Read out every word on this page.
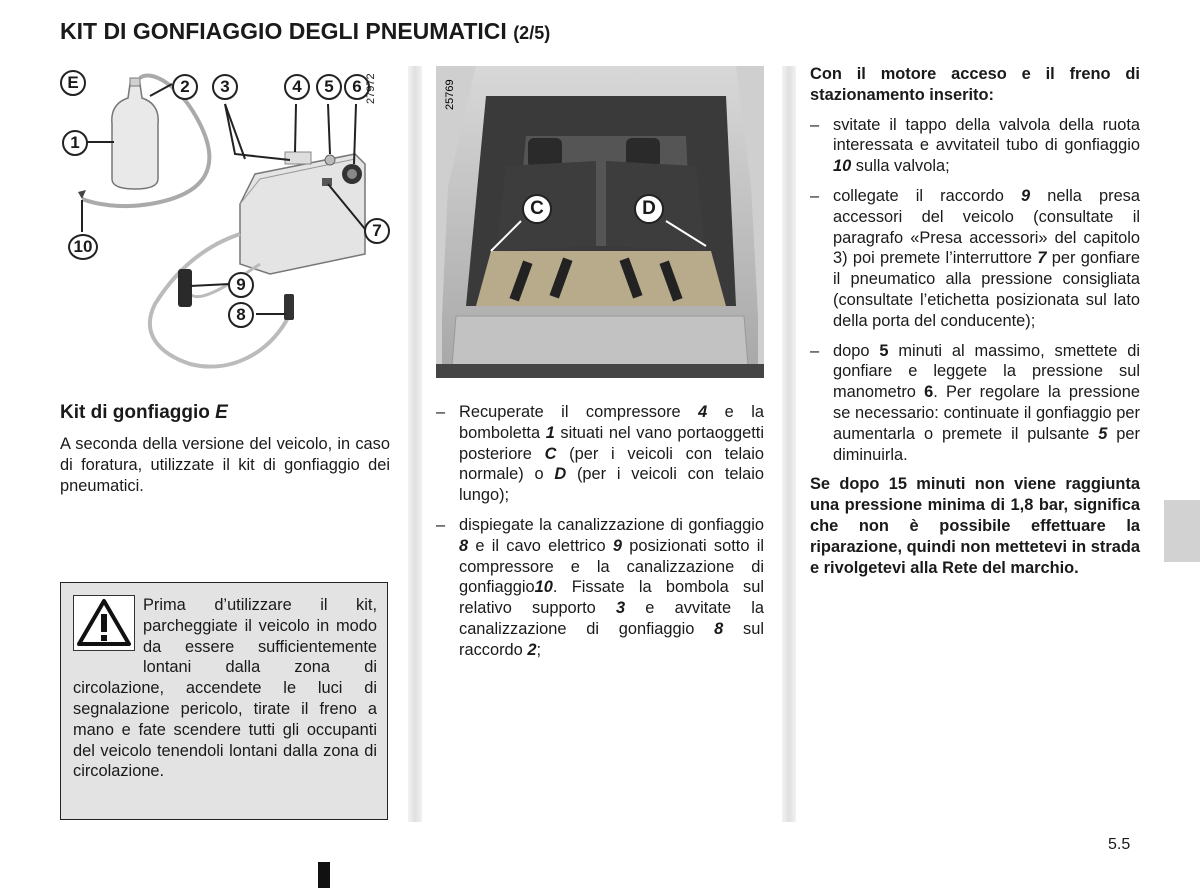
KIT DI GONFIAGGIO DEGLI PNEUMATICI (2/5)
E
1
2	3	4	5	6
7
8
9
10
27972
C	D
25769
Kit di gonfiaggio E
A seconda della versione del veicolo, in caso di foratura, utilizzate il kit di gonfiaggio dei pneumatici.
Prima d’utilizzare il kit, parcheggiate il veicolo in modo da essere sufficientemente lontani dalla zona di circolazione, accendete le luci di segnalazione pericolo, tirate il freno a mano e fate scendere tutti gli occupanti del veicolo tenendoli lontani dalla zona di circolazione.
– Recuperate il compressore 4 e la bomboletta 1 situati nel vano portaoggetti posteriore C (per i veicoli con telaio normale) o D (per i veicoli con telaio lungo);
– dispiegate la canalizzazione di gonfiaggio 8 e il cavo elettrico 9 posizionati sotto il compressore e la canalizzazione di gonfiaggio10. Fissate la bombola sul relativo supporto 3 e avvitate la canalizzazione di gonfiaggio 8 sul raccordo 2;
Con il motore acceso e il freno di stazionamento inserito:
– svitate il tappo della valvola della ruota interessata e avvitateil tubo di gonfiaggio 10 sulla valvola;
– collegate il raccordo 9 nella presa accessori del veicolo (consultate il paragrafo «Presa accessori» del capitolo 3) poi premete l’interruttore 7 per gonfiare il pneumatico alla pressione consigliata (consultate l’etichetta posizionata sul lato della porta del conducente);
– dopo 5 minuti al massimo, smettete di gonfiare e leggete la pressione sul manometro 6. Per regolare la pressione se necessario: continuate il gonfiaggio per aumentarla o premete il pulsante 5 per diminuirla.
Se dopo 15 minuti non viene raggiunta una pressione minima di 1,8 bar, significa che non è possibile effettuare la riparazione, quindi non mettetevi in strada e rivolgetevi alla Rete del marchio.
5.5
